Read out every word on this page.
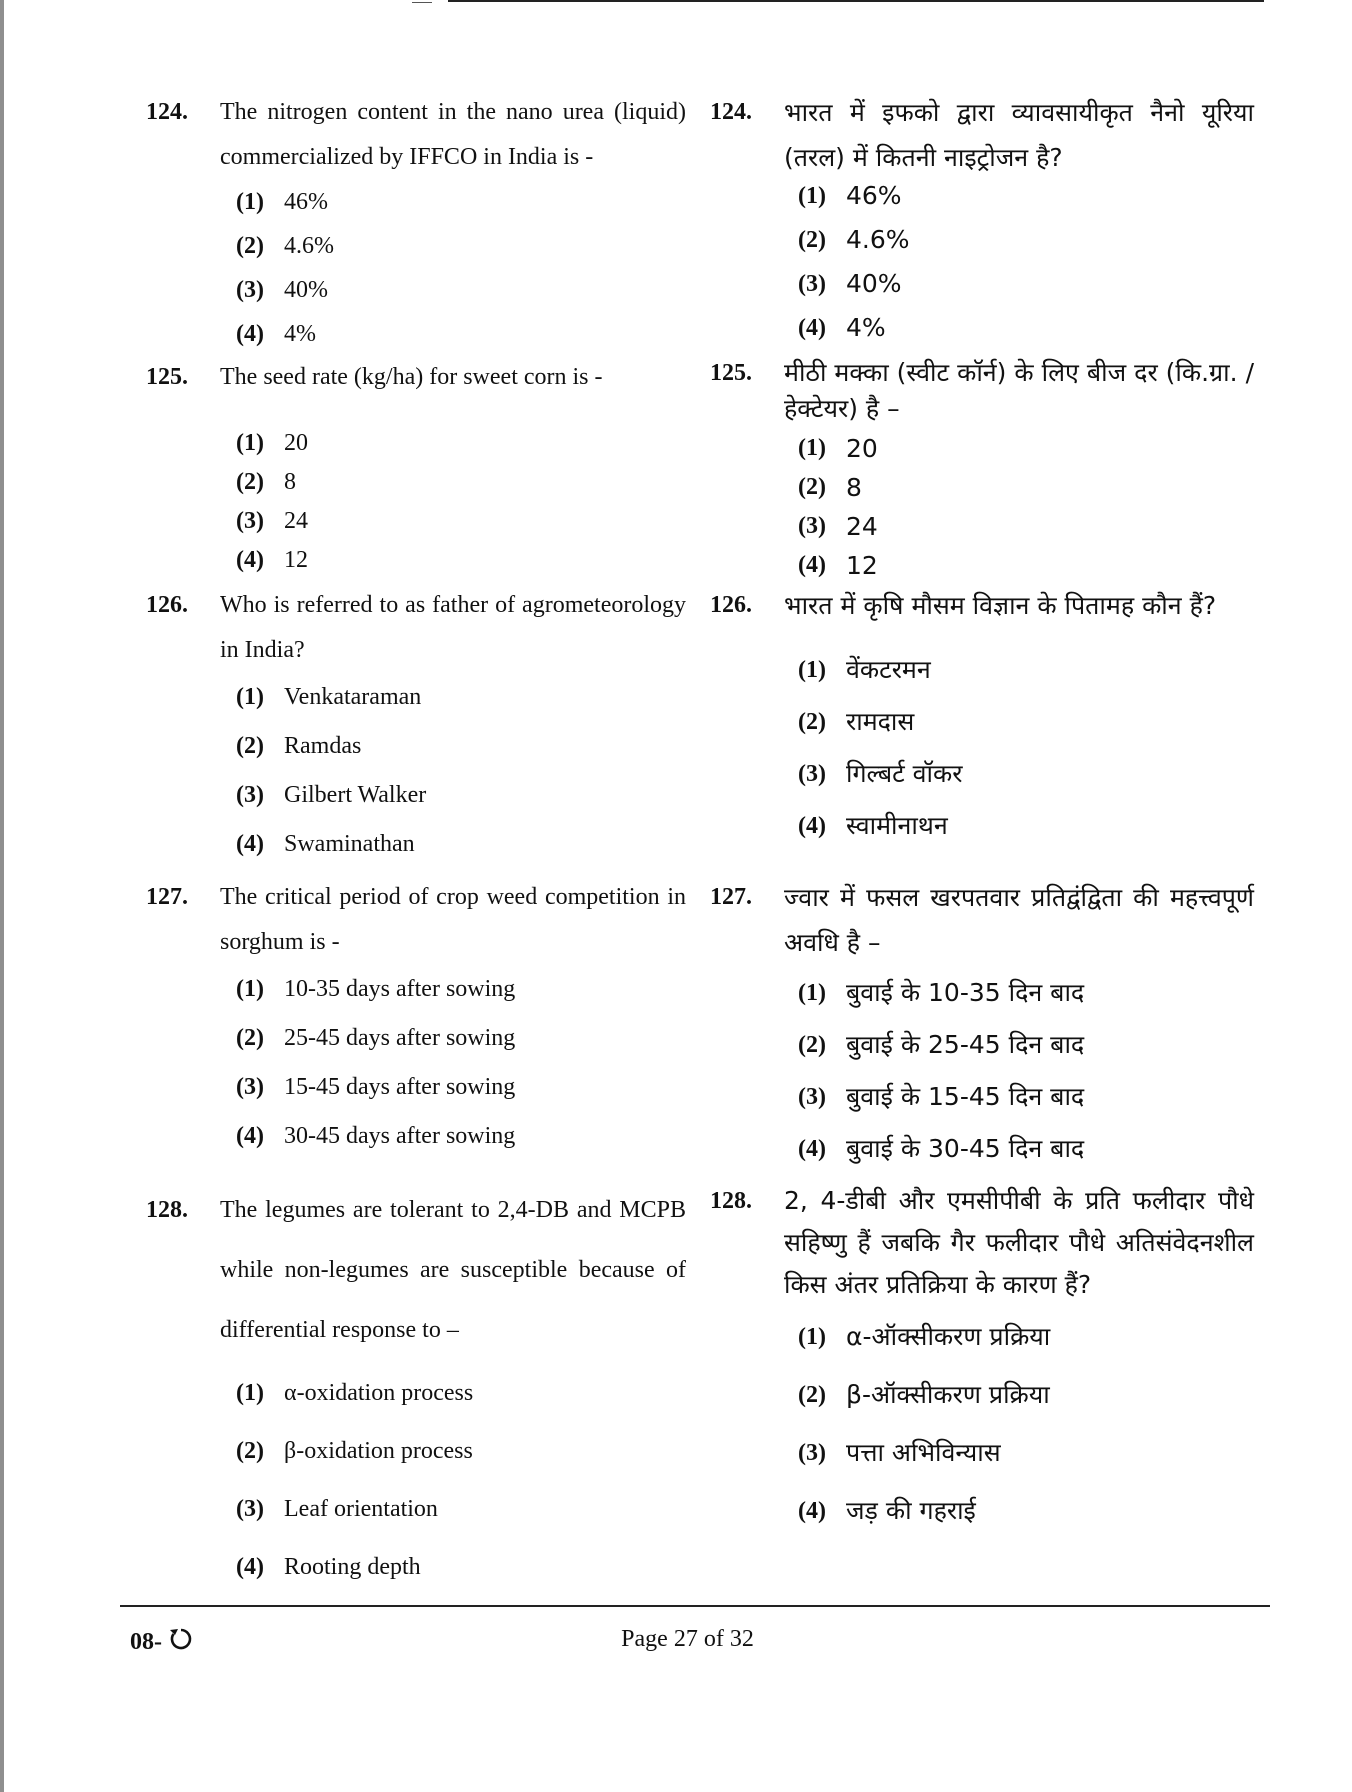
124.	The nitrogen content in the nano urea (liquid) commercialized by IFFCO in India is -
(1) 46%
(2) 4.6%
(3) 40%
(4) 4%
125.	The seed rate (kg/ha) for sweet corn is -
(1) 20
(2) 8
(3) 24
(4) 12
126.	Who is referred to as father of agrometeorology in India?
(1) Venkataraman
(2) Ramdas
(3) Gilbert Walker
(4) Swaminathan
127.	The critical period of crop weed competition in sorghum is -
(1) 10-35 days after sowing
(2) 25-45 days after sowing
(3) 15-45 days after sowing
(4) 30-45 days after sowing
128.	The legumes are tolerant to 2,4-DB and MCPB while non-legumes are susceptible because of differential response to –
(1) α-oxidation process
(2) β-oxidation process
(3) Leaf orientation
(4) Rooting depth
124.	भारत में इफको द्वारा व्यावसायीकृत नैनो यूरिया (तरल) में कितनी नाइट्रोजन है?
(1) 46%
(2) 4.6%
(3) 40%
(4) 4%
125.	मीठी मक्का (स्वीट कॉर्न) के लिए बीज दर (कि.ग्रा. / हेक्टेयर) है –
(1) 20
(2) 8
(3) 24
(4) 12
126.	भारत में कृषि मौसम विज्ञान के पितामह कौन हैं?
(1) वेंकटरमन
(2) रामदास
(3) गिल्बर्ट वॉकर
(4) स्वामीनाथन
127.	ज्वार में फसल खरपतवार प्रतिद्वंद्विता की महत्त्वपूर्ण अवधि है –
(1) बुवाई के 10-35 दिन बाद
(2) बुवाई के 25-45 दिन बाद
(3) बुवाई के 15-45 दिन बाद
(4) बुवाई के 30-45 दिन बाद
128.	2, 4-डीबी और एमसीपीबी के प्रति फलीदार पौधे सहिष्णु हैं जबकि गैर फलीदार पौधे अतिसंवेदनशील किस अंतर प्रतिक्रिया के कारण हैं?
(1) α-ऑक्सीकरण प्रक्रिया
(2) β-ऑक्सीकरण प्रक्रिया
(3) पत्ता अभिविन्यास
(4) जड़ की गहराई
08-	Page 27 of 32
